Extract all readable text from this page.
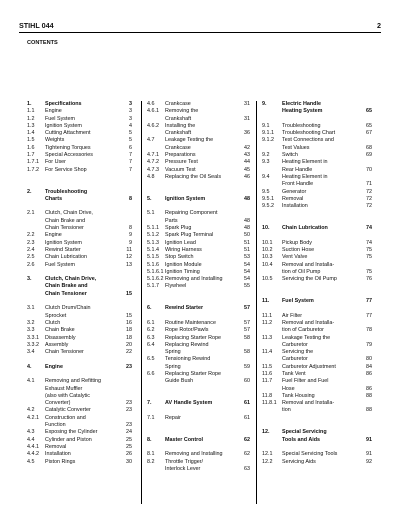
STIHL 044	2
CONTENTS
1.	Specifications	3
1.1	Engine	3
1.2	Fuel System	3
1.3	Ignition System	4
1.4	Cutting Attachment	5
1.5	Weights	5
1.6	Tightening Torques	6
1.7	Special Accessories	7
1.7.1	For User	7
1.7.2	For Service Shop	7
2.	Troubleshooting
Charts	8
2.1	Clutch, Chain Drive,
Chain Brake and
Chain Tensioner	8
2.2	Engine	9
2.3	Ignition System	9
2.4	Rewind Starter	11
2.5	Chain Lubrication	12
2.6	Fuel System	13
3.	Clutch, Chain Drive,
Chain Brake and
Chain Tensioner	15
3.1	Clutch Drum/Chain
Sprocket	15
3.2	Clutch	16
3.3	Chain Brake	18
3.3.1	Disassembly	18
3.3.2	Assembly	20
3.4	Chain Tensioner	22
4.	Engine	23
4.1	Removing and Refitting
Exhaust Muffler
(also with Catalytic
Converter)	23
4.2	Catalytic Converter	23
4.2.1	Construction and
Function	23
4.3	Exposing the Cylinder	24
4.4	Cylinder and Piston	25
4.4.1	Removal	25
4.4.2	Installation	26
4.5	Piston Rings	30
4.6	Crankcase	31
4.6.1	Removing the
Crankshaft	31
4.6.2	Installing the
Crankshaft	36
4.7	Leakage Testing the
Crankcase	42
4.7.1	Preparations	43
4.7.2	Pressure Test	44
4.7.3	Vacuum Test	45
4.8	Replacing the Oil Seals	46
5.	Ignition System	48
5.1	Repairing Component
Parts	48
5.1.1	Spark Plug	48
5.1.2	Spark Plug Terminal	50
5.1.3	Ignition Lead	51
5.1.4	Wiring Harness	51
5.1.5	Stop Switch	53
5.1.6	Ignition Module	54
5.1.6.1 Ignition Timing	54
5.1.6.2 Removing and Installing	54
5.1.7	Flywheel	55
6.	Rewind Starter	57
6.1	Routine Maintenance	57
6.2	Rope Rotor/Pawls	57
6.3	Replacing Starter Rope	58
6.4	Replacing Rewind
Spring	58
6.5	Tensioning Rewind
Spring	59
6.6	Replacing Starter Rope
Guide Bush	60
7.	AV Handle System	61
7.1	Repair	61
8.	Master Control	62
8.1	Removing and Installing	62
8.2	Throttle Trigger/
Interlock Lever	63
9.	Electric Handle
Heating System	65
9.1	Troubleshooting	65
9.1.1	Troubleshooting Chart	67
9.1.2	Test Connections and
Test Values	68
9.2	Switch	69
9.3	Heating Element in
Rear Handle	70
9.4	Heating Element in
Front Handle	71
9.5	Generator	72
9.5.1	Removal	72
9.5.2	Installation	72
10.	Chain Lubrication	74
10.1	Pickup Body	74
10.2	Suction Hose	75
10.3	Vent Valve	75
10.4	Removal and Installa-
tion of Oil Pump	75
10.5	Servicing the Oil Pump	76
11.	Fuel System	77
11.1	Air Filter	77
11.2	Removal and Installa-
tion of Carburetor	78
11.3	Leakage Testing the
Carburetor	79
11.4	Servicing the
Carburetor	80
11.5	Carburetor Adjustment	84
11.6	Tank Vent	86
11.7	Fuel Filter and Fuel
Hose	86
11.8	Tank Housing	88
11.8.1	Removal and Installa-
tion	88
12.	Special Servicing
Tools and Aids	91
12.1	Special Servicing Tools	91
12.2	Servicing Aids	92
